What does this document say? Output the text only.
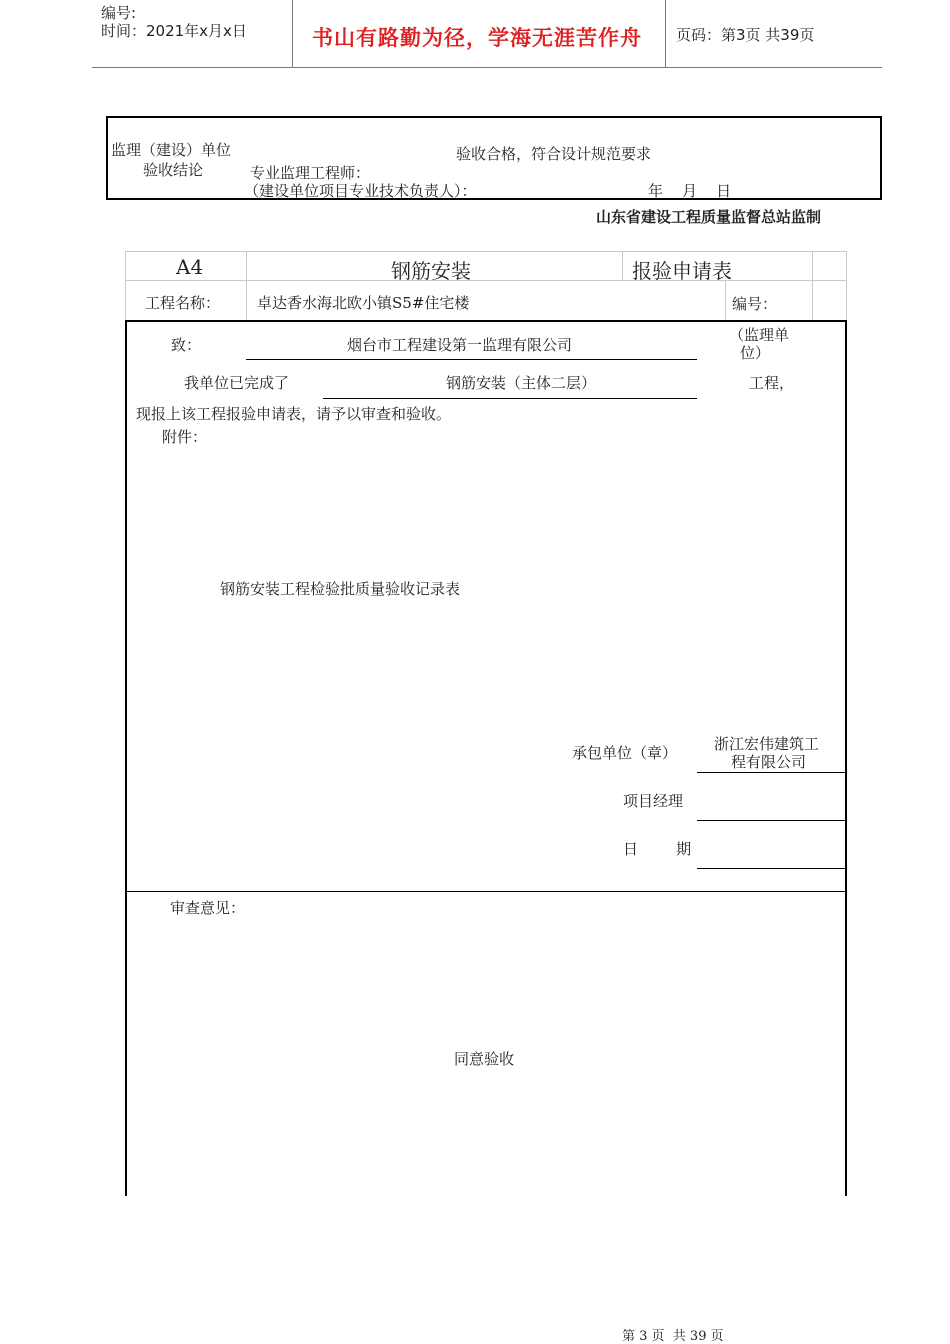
编号:
时间：2021年x月x日	书山有路勤为径，学海无涯苦作舟 页码：第3页 共39页
监理（建设）单位
验收结论
验收合格，符合设计规范要求
专业监理工程师：
（建设单位项目专业技术负责人）：	年    月    日
山东省建设工程质量监督总站监制
A4	钢筋安装	报验申请表
工程名称： 卓达香水海北欧小镇S5#住宅楼	编号：
致：	烟台市工程建设第一监理有限公司
（监理单
位）
我单位已完成了	钢筋安装（主体二层）	工程，
现报上该工程报验申请表，请予以审查和验收。
附件：
钢筋安装工程检验批质量验收记录表
承包单位（章） 浙江宏伟建筑工
程有限公司
项目经理
日        期
审查意见：
同意验收
第 3 页  共 39 页
